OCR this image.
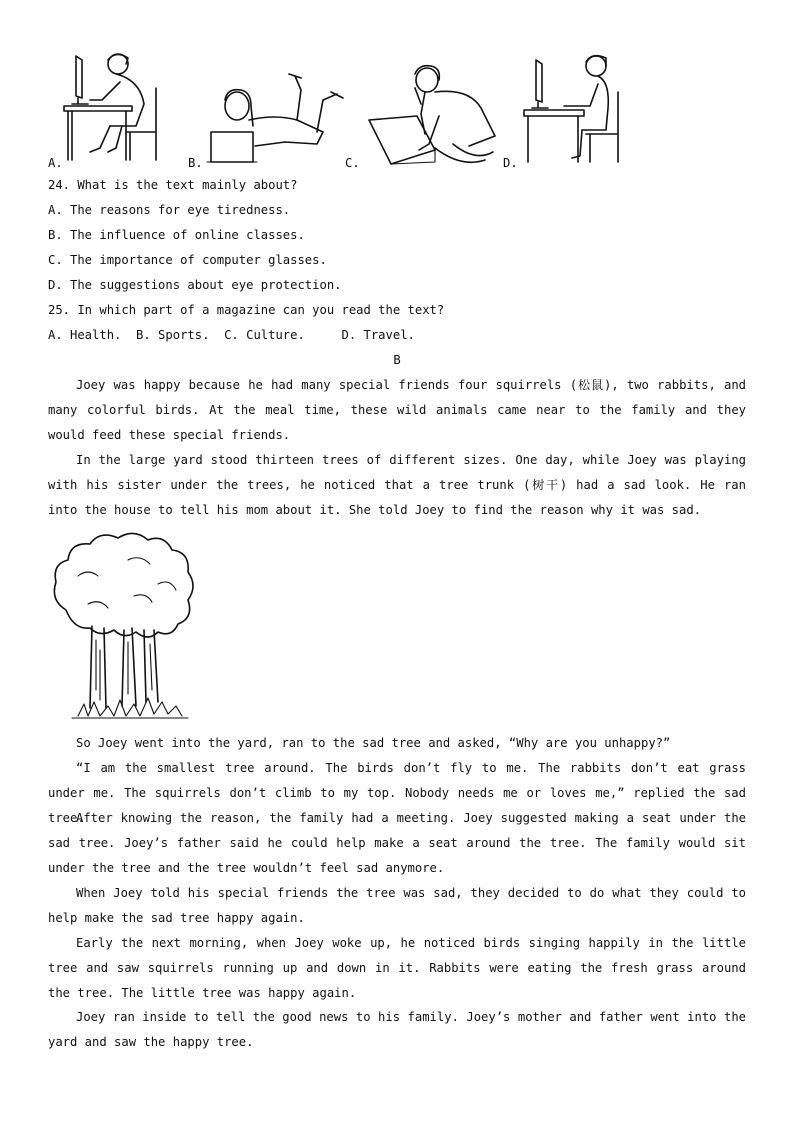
A.	B.	C.	D.
24. What is the text mainly about?
A. The reasons for eye tiredness.
B. The influence of online classes.
C. The importance of computer glasses.
D. The suggestions about eye protection.
25. In which part of a magazine can you read the text?
A. Health.  B. Sports.  C. Culture.     D. Travel.
B
Joey was happy because he had many special friends four squirrels (松鼠), two rabbits, and many colorful birds. At the meal time, these wild animals came near to the family and they would feed these special friends.
In the large yard stood thirteen trees of different sizes. One day, while Joey was playing with his sister under the trees, he noticed that a tree trunk (树干) had a sad look. He ran into the house to tell his mom about it. She told Joey to find the reason why it was sad.
So Joey went into the yard, ran to the sad tree and asked, “Why are you unhappy?”
“I am the smallest tree around. The birds don’t fly to me. The rabbits don’t eat grass under me. The squirrels don’t climb to my top. Nobody needs me or loves me,” replied the sad tree.
After knowing the reason, the family had a meeting. Joey suggested making a seat under the sad tree. Joey’s father said he could help make a seat around the tree. The family would sit under the tree and the tree wouldn’t feel sad anymore.
When Joey told his special friends the tree was sad, they decided to do what they could to help make the sad tree happy again.
Early the next morning, when Joey woke up, he noticed birds singing happily in the little tree and saw squirrels running up and down in it. Rabbits were eating the fresh grass around the tree. The little tree was happy again.
Joey ran inside to tell the good news to his family. Joey’s mother and father went into the yard and saw the happy tree.
